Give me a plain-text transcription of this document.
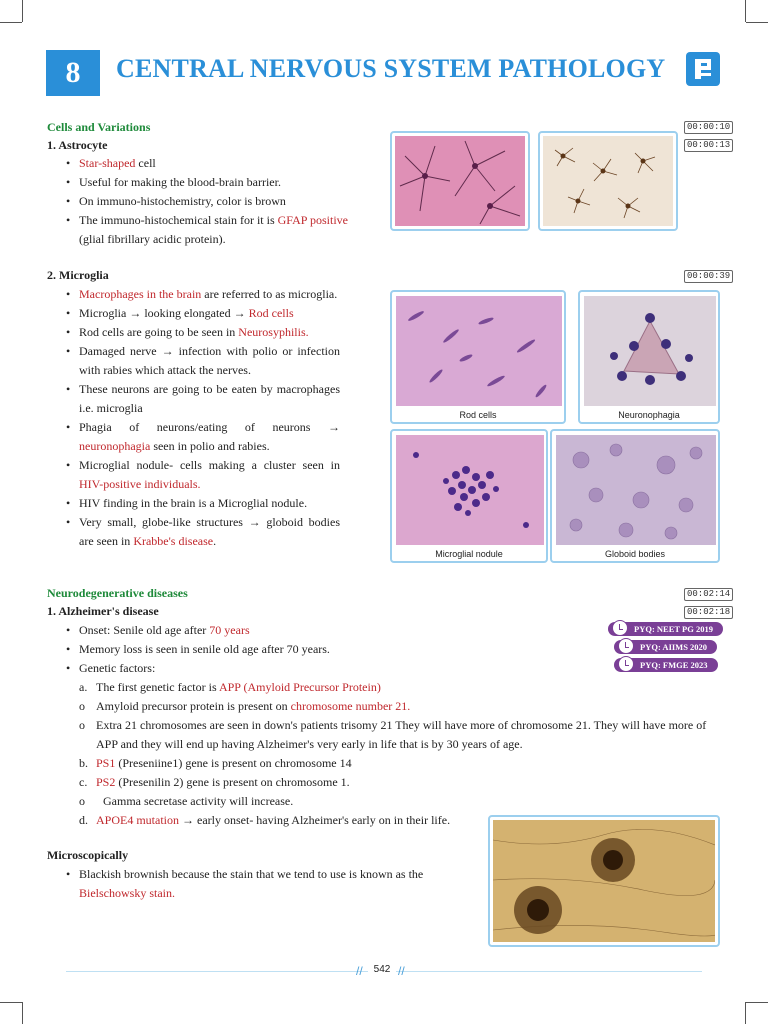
8	CENTRAL NERVOUS SYSTEM PATHOLOGY
Cells and Variations	00:00:10
1. Astrocyte	00:00:13
• Star-shaped cell
• Useful for making the blood-brain barrier.
• On immuno-histochemistry, color is brown
• The immuno-histochemical stain for it is GFAP positive (glial fibrillary acidic protein).
2. Microglia	00:00:39
• Macrophages in the brain are referred to as microglia.
• Microglia → looking elongated → Rod cells
• Rod cells are going to be seen in Neurosyphilis.
• Damaged nerve → infection with polio or infection with rabies which attack the nerves.
• These neurons are going to be eaten by macrophages i.e. microglia
• Phagia of neurons/eating of neurons → neuronophagia seen in polio and rabies.
• Microglial nodule- cells making a cluster seen in HIV-positive individuals.
• HIV finding in the brain is a Microglial nodule.
• Very small, globe-like structures → globoid bodies are seen in Krabbe's disease.
Rod cells	Neuronophagia
Microglial nodule	Globoid bodies
Neurodegenerative diseases	00:02:14
1. Alzheimer's disease	00:02:18
PYQ: NEET PG 2019
PYQ: AIIMS 2020
PYQ: FMGE 2023
• Onset: Senile old age after 70 years
• Memory loss is seen in senile old age after 70 years.
• Genetic factors:
a. The first genetic factor is APP (Amyloid Precursor Protein)
o Amyloid precursor protein is present on chromosome number 21.
o Extra 21 chromosomes are seen in down's patients trisomy 21 They will have more of chromosome 21. They will have more of APP and they will end up having Alzheimer's very early in life that is by 30 years of age.
b. PS1 (Preseniine1) gene is present on chromosome 14
c. PS2 (Presenilin 2) gene is present on chromosome 1.
o	Gamma secretase activity will increase.
d. APOE4 mutation → early onset- having Alzheimer's early on in their life.
Microscopically
• Blackish brownish because the stain that we tend to use is known as the Bielschowsky stain.
//	//
542
